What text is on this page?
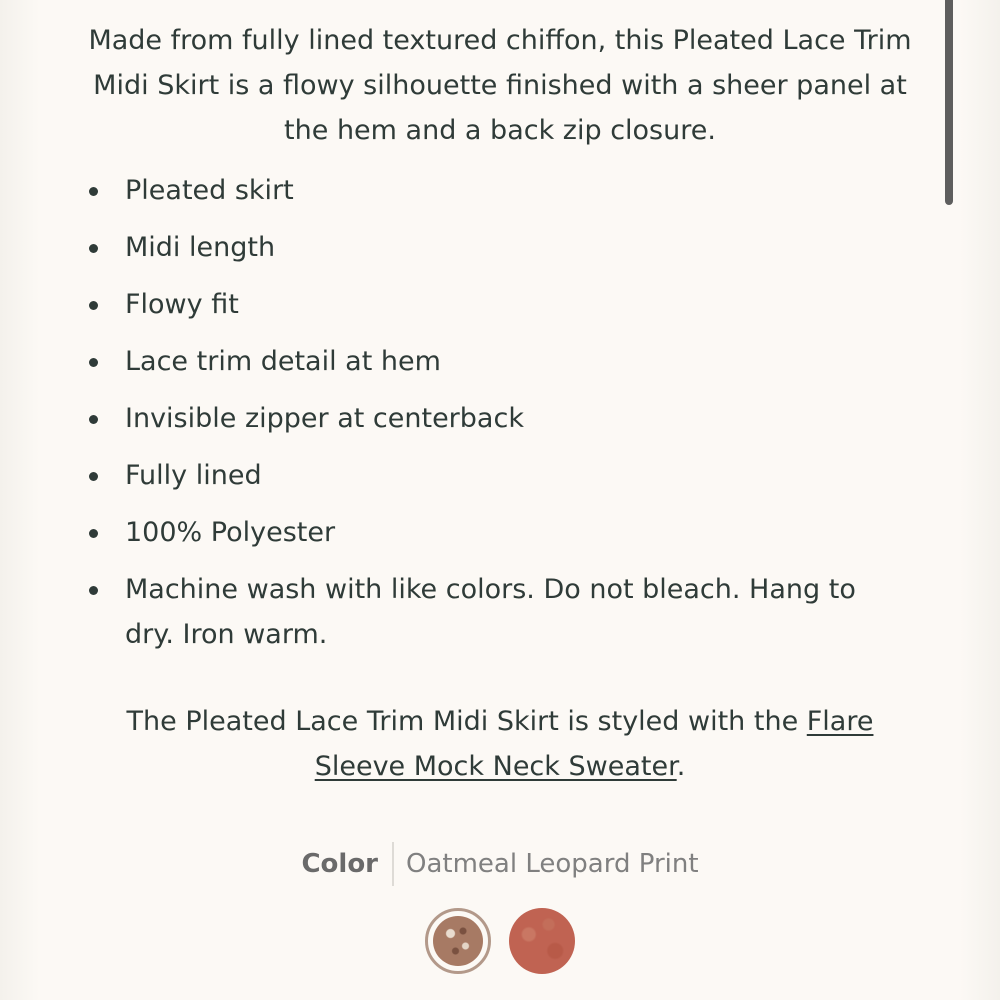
Made from fully lined textured chiffon, this Pleated Lace Trim Midi Skirt is a flowy silhouette finished with a sheer panel at the hem and a back zip closure.

Pleated skirt
Midi length
Flowy fit
Lace trim detail at hem
Invisible zipper at centerback
Fully lined
100% Polyester
Machine wash with like colors. Do not bleach. Hang to dry. Iron warm.

The Pleated Lace Trim Midi Skirt is styled with the Flare Sleeve Mock Neck Sweater.

Color Oatmeal Leopard Print
